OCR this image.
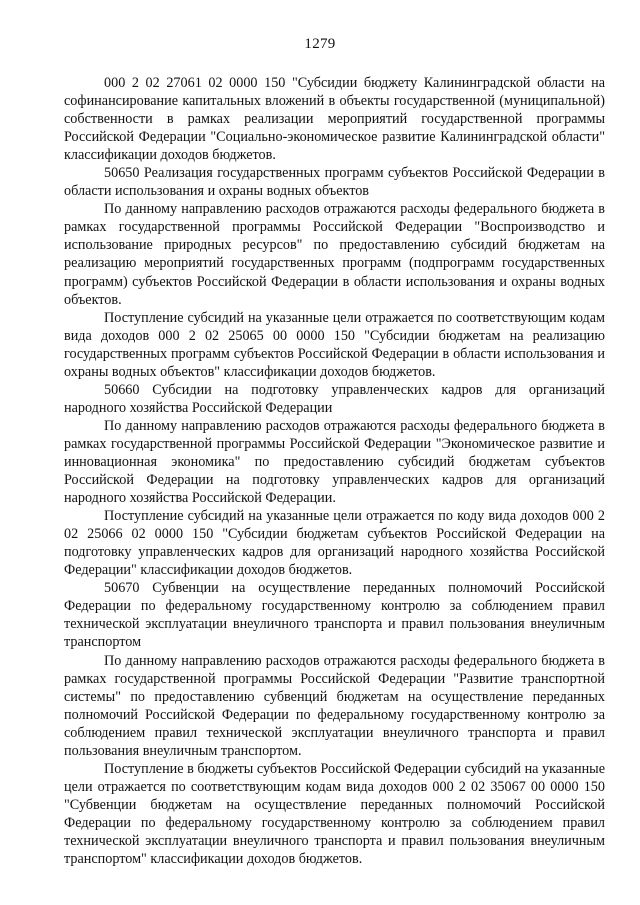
1279

000 2 02 27061 02 0000 150 "Субсидии бюджету Калининградской области на софинансирование капитальных вложений в объекты государственной (муниципальной) собственности в рамках реализации мероприятий государственной программы Российской Федерации "Социально-экономическое развитие Калининградской области" классификации доходов бюджетов.

50650 Реализация государственных программ субъектов Российской Федерации в области использования и охраны водных объектов

По данному направлению расходов отражаются расходы федерального бюджета в рамках государственной программы Российской Федерации "Воспроизводство и использование природных ресурсов" по предоставлению субсидий бюджетам на реализацию мероприятий государственных программ (подпрограмм государственных программ) субъектов Российской Федерации в области использования и охраны водных объектов.

Поступление субсидий на указанные цели отражается по соответствующим кодам вида доходов 000 2 02 25065 00 0000 150 "Субсидии бюджетам на реализацию государственных программ субъектов Российской Федерации в области использования и охраны водных объектов" классификации доходов бюджетов.

50660 Субсидии на подготовку управленческих кадров для организаций народного хозяйства Российской Федерации

По данному направлению расходов отражаются расходы федерального бюджета в рамках государственной программы Российской Федерации "Экономическое развитие и инновационная экономика" по предоставлению субсидий бюджетам субъектов Российской Федерации на подготовку управленческих кадров для организаций народного хозяйства Российской Федерации.

Поступление субсидий на указанные цели отражается по коду вида доходов 000 2 02 25066 02 0000 150 "Субсидии бюджетам субъектов Российской Федерации на подготовку управленческих кадров для организаций народного хозяйства Российской Федерации" классификации доходов бюджетов.

50670 Субвенции на осуществление переданных полномочий Российской Федерации по федеральному государственному контролю за соблюдением правил технической эксплуатации внеуличного транспорта и правил пользования внеуличным транспортом

По данному направлению расходов отражаются расходы федерального бюджета в рамках государственной программы Российской Федерации "Развитие транспортной системы" по предоставлению субвенций бюджетам на осуществление переданных полномочий Российской Федерации по федеральному государственному контролю за соблюдением правил технической эксплуатации внеуличного транспорта и правил пользования внеуличным транспортом.

Поступление в бюджеты субъектов Российской Федерации субсидий на указанные цели отражается по соответствующим кодам вида доходов 000 2 02 35067 00 0000 150 "Субвенции бюджетам на осуществление переданных полномочий Российской Федерации по федеральному государственному контролю за соблюдением правил технической эксплуатации внеуличного транспорта и правил пользования внеуличным транспортом" классификации доходов бюджетов.
